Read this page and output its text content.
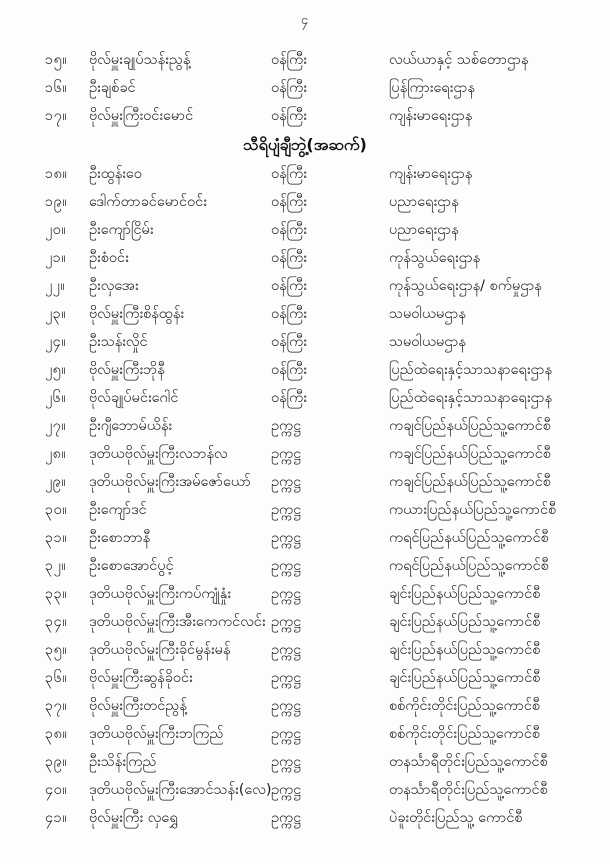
၄
၁၅။	ဗိုလ်မှူးချုပ်သန်းညွန့်	ဝန်ကြီး	လယ်ယာနှင့် သစ်တောဌာန
၁၆။	ဦးချစ်ခင်	ဝန်ကြီး	ပြန်ကြားရေးဌာန
၁၇။	ဗိုလ်မှူးကြီးဝင်းမောင်	ဝန်ကြီး	ကျန်းမာရေးဌာန
သီရိပျံချီဘွဲ့(အဆက်)
၁၈။	ဦးထွန်းဝေ	ဝန်ကြီး	ကျန်းမာရေးဌာန
၁၉။	ဒေါက်တာခင်မောင်ဝင်း	ဝန်ကြီး	ပညာရေးဌာန
၂၀။	ဦးကျော်ငြိမ်း	ဝန်ကြီး	ပညာရေးဌာန
၂၁။	ဦးစံဝင်း	ဝန်ကြီး	ကုန်သွယ်ရေးဌာန
၂၂။	ဦးလှအေး	ဝန်ကြီး	ကုန်သွယ်ရေးဌာန/ စက်မှုဌာန
၂၃။	ဗိုလ်မှူးကြီးစိန်ထွန်း	ဝန်ကြီး	သမဝါယမဌာန
၂၄။	ဦးသန်းလှိုင်	ဝန်ကြီး	သမဝါယမဌာန
၂၅။	ဗိုလ်မှူးကြီးဘိုနီ	ဝန်ကြီး	ပြည်ထဲရေးနှင့်သာသနာရေးဌာန
၂၆။	ဗိုလ်ချုပ်မင်းဂေါင်	ဝန်ကြီး	ပြည်ထဲရေးနှင့်သာသနာရေးဌာန
၂၇။	ဦးဂျီဘောမ်ယိန်း	ဥက္ကဋ္ဌ	ကချင်ပြည်နယ်ပြည်သူ့ကောင်စီ
၂၈။	ဒုတိယဗိုလ်မှူးကြီးလဘန်လ	ဥက္ကဋ္ဌ	ကချင်ပြည်နယ်ပြည်သူ့ကောင်စီ
၂၉။	ဒုတိယဗိုလ်မှူးကြီးအမ်ဇော်ယော်	ဥက္ကဋ္ဌ	ကချင်ပြည်နယ်ပြည်သူ့ကောင်စီ
၃၀။	ဦးကျော်ဒင်	ဥက္ကဋ္ဌ	ကယားပြည်နယ်ပြည်သူ့ကောင်စီ
၃၁။	ဦးစောဘာနီ	ဥက္ကဋ္ဌ	ကရင်ပြည်နယ်ပြည်သူ့ကောင်စီ
၃၂။	ဦးစောအောင်ပွင့်	ဥက္ကဋ္ဌ	ကရင်ပြည်နယ်ပြည်သူ့ကောင်စီ
၃၃။	ဒုတိယဗိုလ်မှူးကြီးကပ်ကျုံနှုံး	ဥက္ကဋ္ဌ	ချင်းပြည်နယ်ပြည်သူ့ကောင်စီ
၃၄။	ဒုတိယဗိုလ်မှူးကြီးအီးကေကင်လင်း ဥက္ကဋ္ဌ	ချင်းပြည်နယ်ပြည်သူ့ကောင်စီ
၃၅။	ဒုတိယဗိုလ်မှူးကြီးခိုင်မွန်းမန်	ဥက္ကဋ္ဌ	ချင်းပြည်နယ်ပြည်သူ့ကောင်စီ
၃၆။	ဗိုလ်မှူးကြီးဆွန်ခိုဝင်း	ဥက္ကဋ္ဌ	ချင်းပြည်နယ်ပြည်သူ့ကောင်စီ
၃၇။	ဗိုလ်မှူးကြီးတင်ညွန့်	ဥက္ကဋ္ဌ	စစ်ကိုင်းတိုင်းပြည်သူ့ကောင်စီ
၃၈။	ဒုတိယဗိုလ်မှူးကြီးဘကြည်	ဥက္ကဋ္ဌ	စစ်ကိုင်းတိုင်းပြည်သူ့ကောင်စီ
၃၉။	ဦးသိန်းကြည်	ဥက္ကဋ္ဌ	တနင်္သာရီတိုင်းပြည်သူ့ကောင်စီ
၄၀။	ဒုတိယဗိုလ်မှူးကြီးအောင်သန်း(လေ) ဥက္ကဋ္ဌ	တနင်္သာရီတိုင်းပြည်သူ့ကောင်စီ
၄၁။	ဗိုလ်မှူးကြီး လှရွှေ	ဥက္ကဋ္ဌ	ပဲခူးတိုင်းပြည်သူ့ ကောင်စီ
